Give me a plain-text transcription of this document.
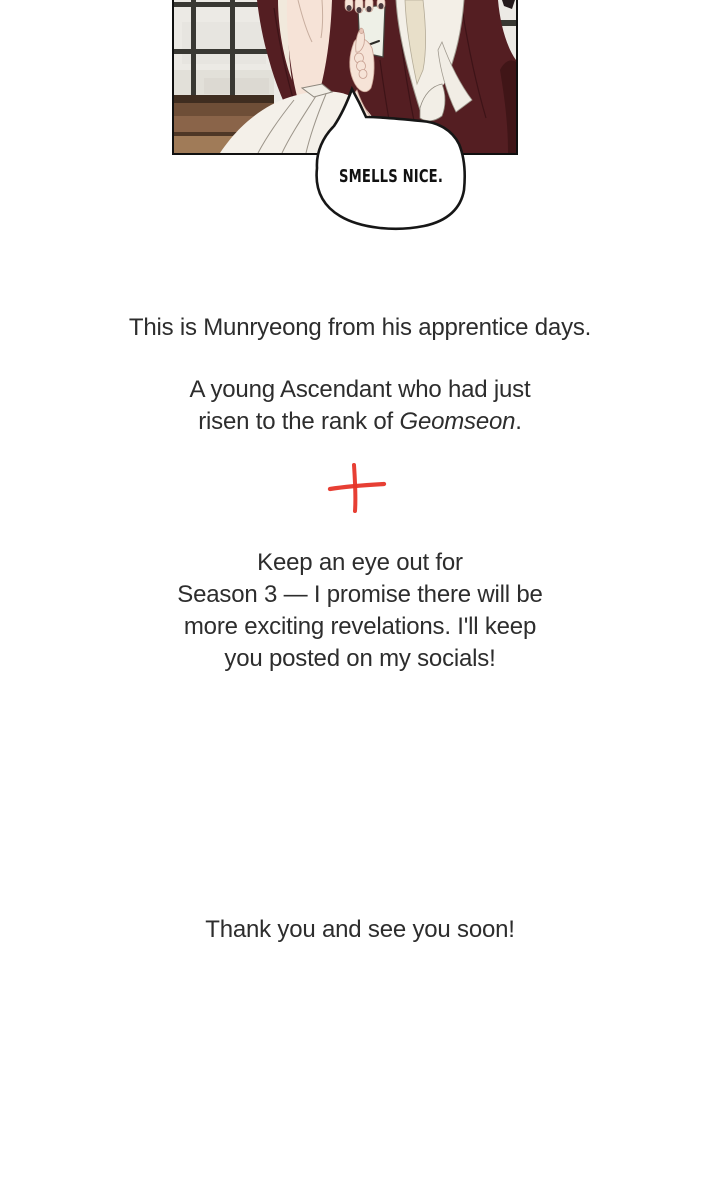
SMELLS NICE.
This is Munryeong from his apprentice days.
A young Ascendant who had just
risen to the rank of Geomseon.
Keep an eye out for
Season 3 — I promise there will be
more exciting revelations. I'll keep
you posted on my socials!
Thank you and see you soon!
